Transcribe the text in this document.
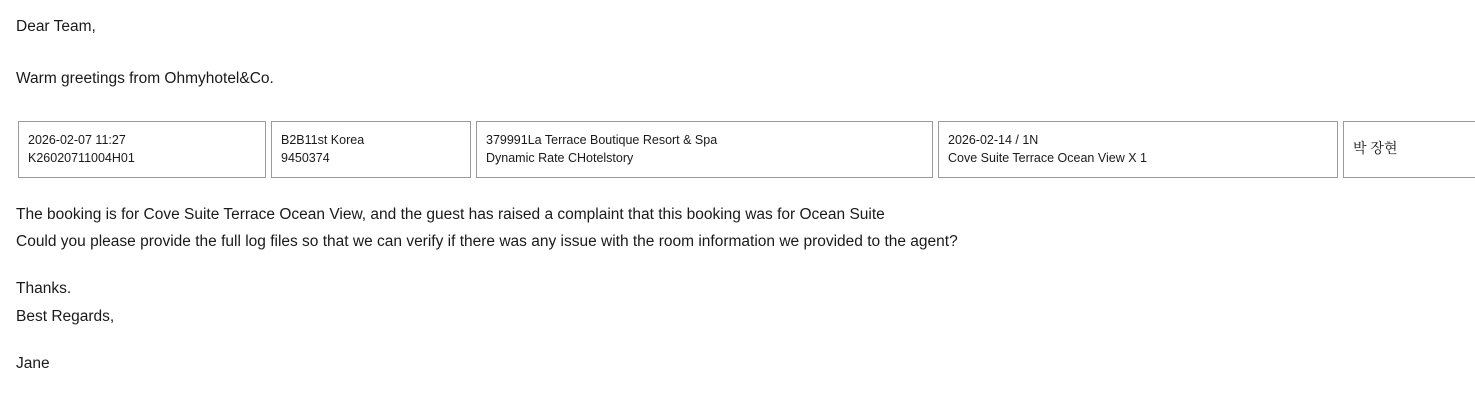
Dear Team,
Warm greetings from Ohmyhotel&Co.
2026-02-07 11:27
K26020711004H01

B2B11st Korea
9450374

379991La Terrace Boutique Resort & Spa
Dynamic Rate CHotelstory

2026-02-14 / 1N
Cove Suite Terrace Ocean View X 1

박 장현
The booking is for Cove Suite Terrace Ocean View, and the guest has raised a complaint that this booking was for Ocean Suite
Could you please provide the full log files so that we can verify if there was any issue with the room information we provided to the agent?
Thanks.
Best Regards,
Jane
